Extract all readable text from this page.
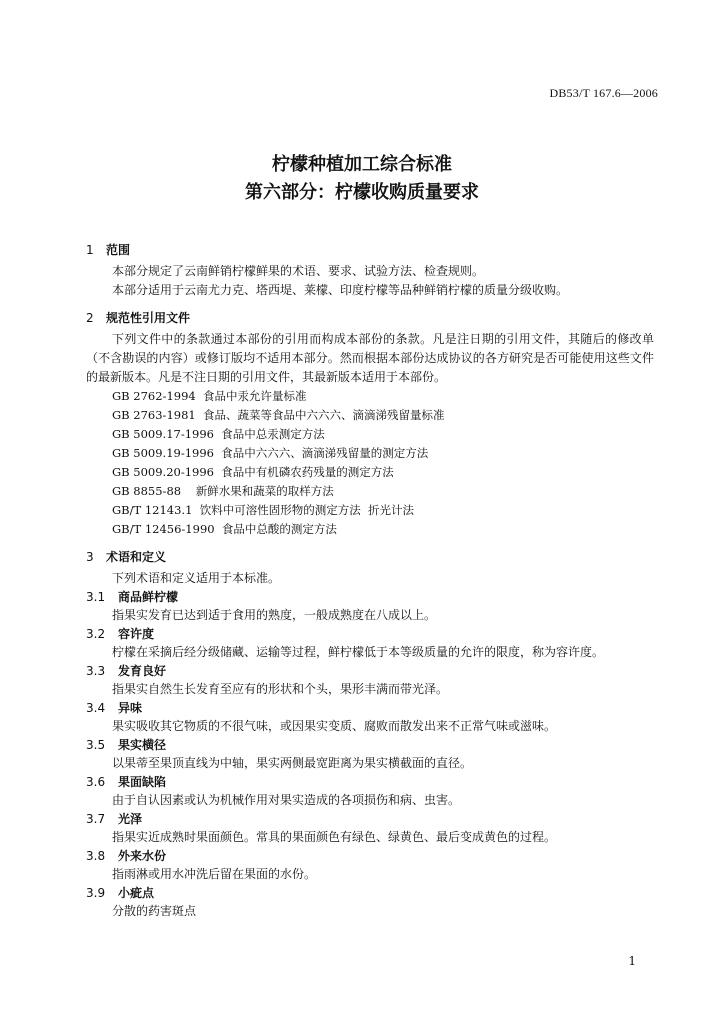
DB53/T 167.6—2006
柠檬种植加工综合标准
第六部分：柠檬收购质量要求
1 范围
本部分规定了云南鲜销柠檬鲜果的术语、要求、试验方法、检查规则。
本部分适用于云南尤力克、塔西堤、莱檬、印度柠檬等品种鲜销柠檬的质量分级收购。
2 规范性引用文件
下列文件中的条款通过本部份的引用而构成本部份的条款。凡是注日期的引用文件，其随后的修改单（不含勘误的内容）或修订版均不适用本部分。然而根据本部份达成协议的各方研究是否可能使用这些文件的最新版本。凡是不注日期的引用文件，其最新版本适用于本部份。
GB 2762-1994  食品中汞允许量标准
GB 2763-1981  食品、蔬菜等食品中六六六、滴滴涕残留量标准
GB 5009.17-1996  食品中总汞测定方法
GB 5009.19-1996  食品中六六六、滴滴涕残留量的测定方法
GB 5009.20-1996  食品中有机磷农药残量的测定方法
GB 8855-88    新鲜水果和蔬菜的取样方法
GB/T 12143.1  饮料中可溶性固形物的测定方法  折光计法
GB/T 12456-1990  食品中总酸的测定方法
3 术语和定义
下列术语和定义适用于本标准。
3.1 商品鲜柠檬
指果实发育已达到适于食用的熟度，一般成熟度在八成以上。
3.2 容许度
柠檬在采摘后经分级储藏、运输等过程，鲜柠檬低于本等级质量的允许的限度，称为容许度。
3.3 发育良好
指果实自然生长发育至应有的形状和个头，果形丰满而带光泽。
3.4 异味
果实吸收其它物质的不很气味，或因果实变质、腐败而散发出来不正常气味或滋味。
3.5 果实横径
以果蒂至果顶直线为中轴，果实两侧最宽距离为果实横截面的直径。
3.6 果面缺陷
由于自认因素或认为机械作用对果实造成的各项损伤和病、虫害。
3.7 光泽
指果实近成熟时果面颜色。常具的果面颜色有绿色、绿黄色、最后变成黄色的过程。
3.8 外来水份
指雨淋或用水冲洗后留在果面的水份。
3.9 小疵点
分散的药害斑点
1
